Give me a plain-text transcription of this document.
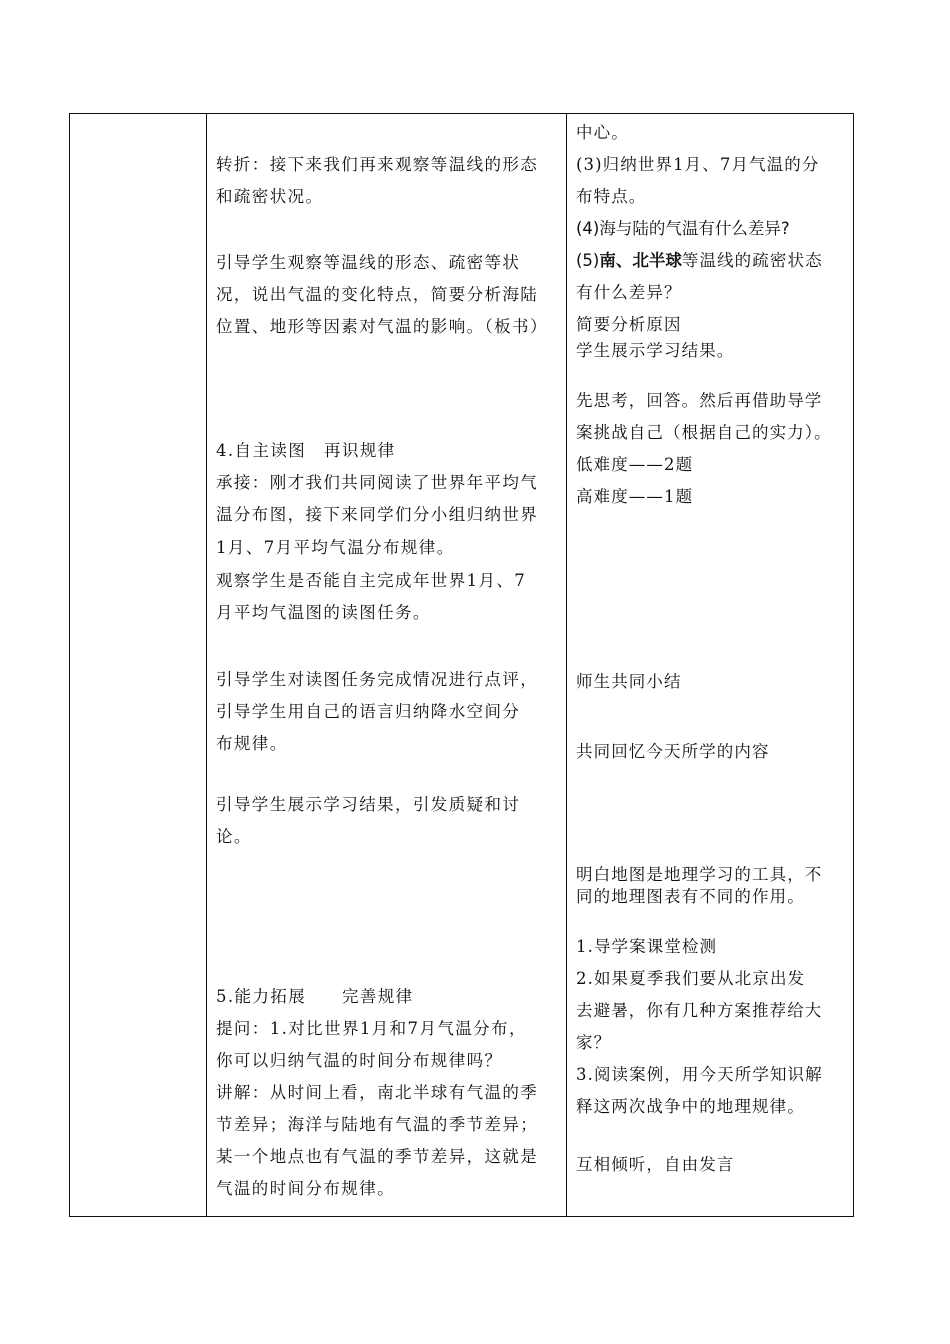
转折：接下来我们再来观察等温线的形态
和疏密状况。
引导学生观察等温线的形态、疏密等状
况，说出气温的变化特点，简要分析海陆
位置、地形等因素对气温的影响。（板书）
4.自主读图　再识规律
承接：刚才我们共同阅读了世界年平均气
温分布图，接下来同学们分小组归纳世界
1月、7月平均气温分布规律。
观察学生是否能自主完成年世界1月、7
月平均气温图的读图任务。
引导学生对读图任务完成情况进行点评，
引导学生用自己的语言归纳降水空间分
布规律。
引导学生展示学习结果，引发质疑和讨
论。
5.能力拓展　　完善规律
提问：1.对比世界1月和7月气温分布，
你可以归纳气温的时间分布规律吗？
讲解：从时间上看，南北半球有气温的季
节差异；海洋与陆地有气温的季节差异；
某一个地点也有气温的季节差异，这就是
气温的时间分布规律。
中心。
(3)归纳世界1月、7月气温的分
布特点。
(4)海与陆的气温有什么差异?
(5)南、北半球等温线的疏密状态
有什么差异？
简要分析原因
学生展示学习结果。
先思考，回答。然后再借助导学
案挑战自己（根据自己的实力）。
低难度——2题
高难度——1题
师生共同小结
共同回忆今天所学的内容
明白地图是地理学习的工具，不
同的地理图表有不同的作用。
1.导学案课堂检测
2.如果夏季我们要从北京出发
去避暑，你有几种方案推荐给大
家？
3.阅读案例，用今天所学知识解
释这两次战争中的地理规律。
互相倾听，自由发言
